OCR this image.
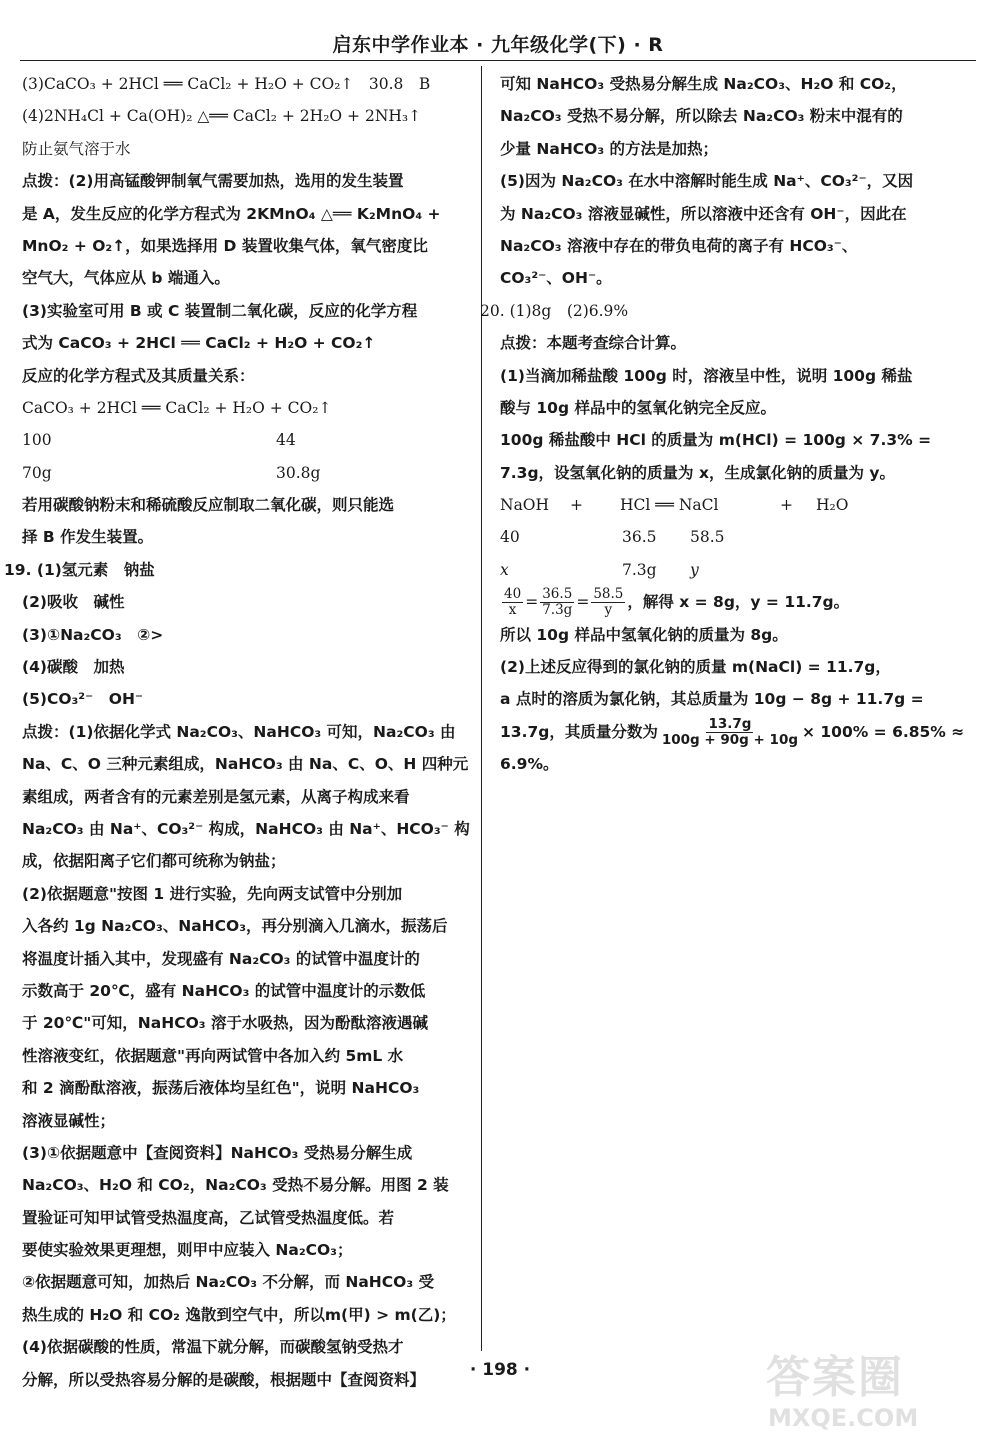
启东中学作业本 · 九年级化学(下) · R
(3)CaCO₃ + 2HCl ══ CaCl₂ + H₂O + CO₂↑　30.8　B
(4)2NH₄Cl + Ca(OH)₂ △══ CaCl₂ + 2H₂O + 2NH₃↑
防止氨气溶于水
点拨：(2)用高锰酸钾制氧气需要加热，选用的发生装置
是 A，发生反应的化学方程式为 2KMnO₄ △══ K₂MnO₄ +
MnO₂ + O₂↑，如果选择用 D 装置收集气体，氧气密度比
空气大，气体应从 b 端通入。
(3)实验室可用 B 或 C 装置制二氧化碳，反应的化学方程
式为 CaCO₃ + 2HCl ══ CaCl₂ + H₂O + CO₂↑
反应的化学方程式及其质量关系：
CaCO₃ + 2HCl ══ CaCl₂ + H₂O + CO₂↑
100	44
70g	30.8g
若用碳酸钠粉末和稀硫酸反应制取二氧化碳，则只能选
择 B 作发生装置。
19. (1)氢元素　钠盐
(2)吸收　碱性
(3)①Na₂CO₃　②>
(4)碳酸　加热
(5)CO₃²⁻　OH⁻
点拨：(1)依据化学式 Na₂CO₃、NaHCO₃ 可知，Na₂CO₃ 由
Na、C、O 三种元素组成，NaHCO₃ 由 Na、C、O、H 四种元
素组成，两者含有的元素差别是氢元素，从离子构成来看
Na₂CO₃ 由 Na⁺、CO₃²⁻ 构成，NaHCO₃ 由 Na⁺、HCO₃⁻ 构
成，依据阳离子它们都可统称为钠盐；
(2)依据题意"按图 1 进行实验，先向两支试管中分别加
入各约 1g Na₂CO₃、NaHCO₃，再分别滴入几滴水，振荡后
将温度计插入其中，发现盛有 Na₂CO₃ 的试管中温度计的
示数高于 20℃，盛有 NaHCO₃ 的试管中温度计的示数低
于 20℃"可知，NaHCO₃ 溶于水吸热，因为酚酞溶液遇碱
性溶液变红，依据题意"再向两试管中各加入约 5mL 水
和 2 滴酚酞溶液，振荡后液体均呈红色"，说明 NaHCO₃
溶液显碱性；
(3)①依据题意中【查阅资料】NaHCO₃ 受热易分解生成
Na₂CO₃、H₂O 和 CO₂，Na₂CO₃ 受热不易分解。用图 2 装
置验证可知甲试管受热温度高，乙试管受热温度低。若
要使实验效果更理想，则甲中应装入 Na₂CO₃；
②依据题意可知，加热后 Na₂CO₃ 不分解，而 NaHCO₃ 受
热生成的 H₂O 和 CO₂ 逸散到空气中，所以m(甲) > m(乙)；
(4)依据碳酸的性质，常温下就分解，而碳酸氢钠受热才
分解，所以受热容易分解的是碳酸，根据题中【查阅资料】
可知 NaHCO₃ 受热易分解生成 Na₂CO₃、H₂O 和 CO₂，
Na₂CO₃ 受热不易分解，所以除去 Na₂CO₃ 粉末中混有的
少量 NaHCO₃ 的方法是加热；
(5)因为 Na₂CO₃ 在水中溶解时能生成 Na⁺、CO₃²⁻，又因
为 Na₂CO₃ 溶液显碱性，所以溶液中还含有 OH⁻，因此在
Na₂CO₃ 溶液中存在的带负电荷的离子有 HCO₃⁻、
CO₃²⁻、OH⁻。
20. (1)8g　(2)6.9%
点拨：本题考查综合计算。
(1)当滴加稀盐酸 100g 时，溶液呈中性，说明 100g 稀盐
酸与 10g 样品中的氢氧化钠完全反应。
100g 稀盐酸中 HCl 的质量为 m(HCl) = 100g × 7.3% =
7.3g，设氢氧化钠的质量为 x，生成氯化钠的质量为 y。
NaOH	+	HCl ══ NaCl	+	H₂O
40	36.5	58.5
x	7.3g	y
$\frac{40}{x} = \frac{36.5}{7.3g} = \frac{58.5}{y}$ ，解得 x = 8g，y = 11.7g。
所以 10g 样品中氢氧化钠的质量为 8g。
(2)上述反应得到的氯化钠的质量 m(NaCl) = 11.7g，
a 点时的溶质为氯化钠，其总质量为 10g − 8g + 11.7g =
13.7g，其质量分数为 $\frac{13.7g}{100g + 90g + 10g} \times 100\% = 6.85\%$ ≈
6.9%。
· 198 ·	答案圈
MXQE.COM
